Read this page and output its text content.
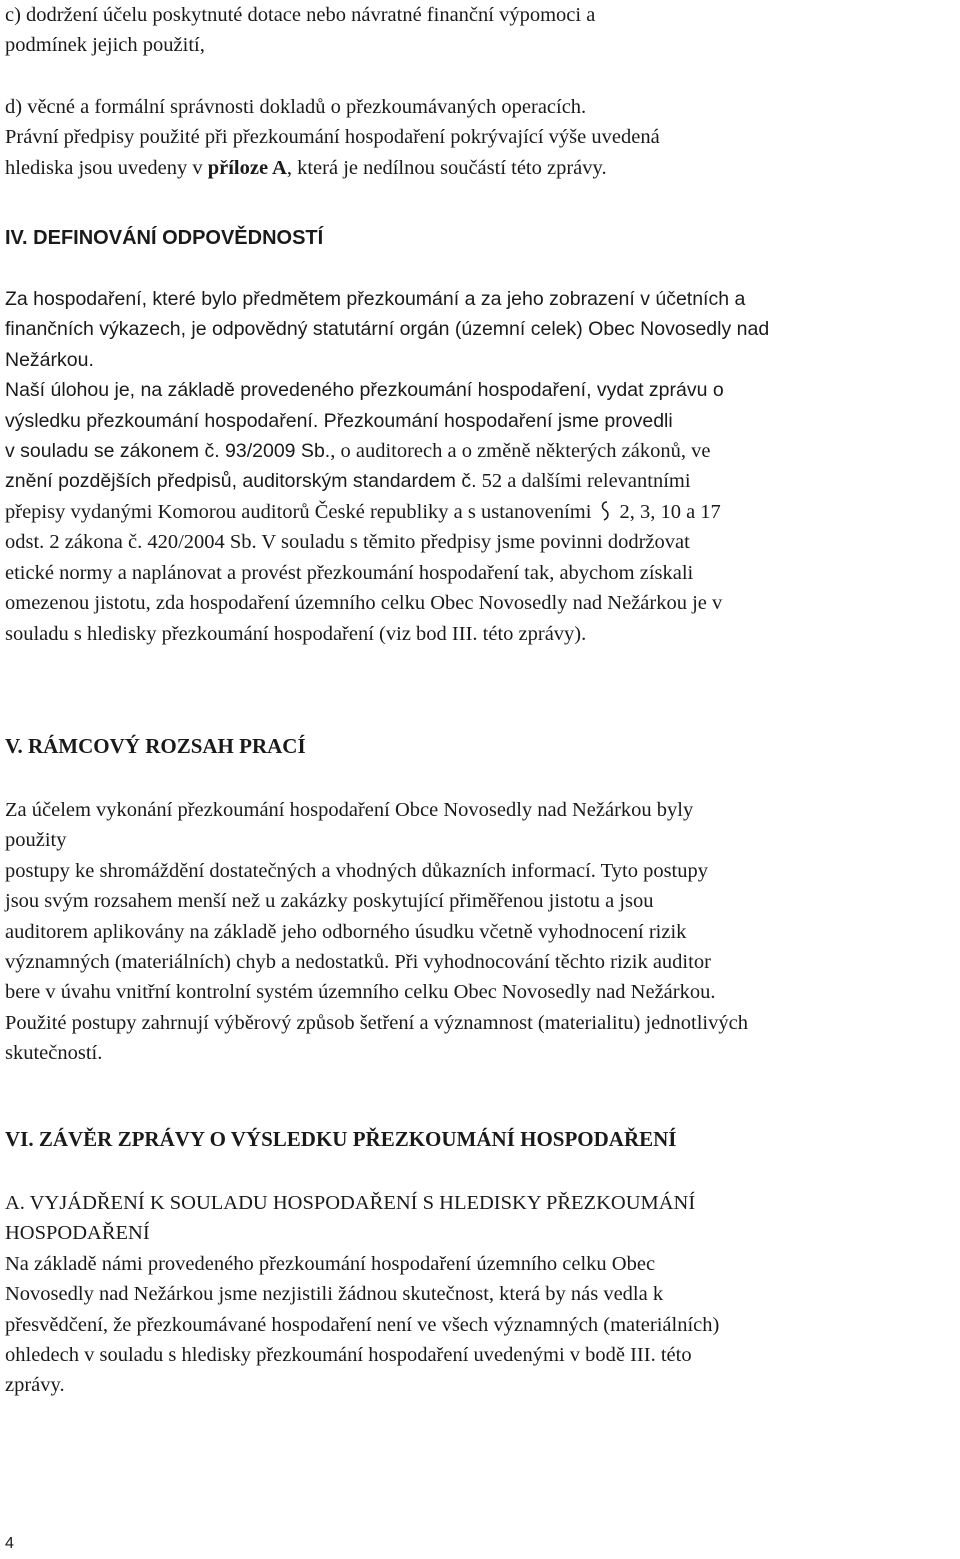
c) dodržení účelu poskytnuté dotace nebo návratné finanční výpomoci a
podmínek jejich použití,
d) věcné a formální správnosti dokladů o přezkoumávaných operacích.
Právní předpisy použité při přezkoumání hospodaření pokrývající výše uvedená
hlediska jsou uvedeny v příloze A, která je nedílnou součástí této zprávy.
IV. DEFINOVÁNÍ ODPOVĚDNOSTÍ
Za hospodaření, které bylo předmětem přezkoumání a za jeho zobrazení v účetních a
finančních výkazech, je odpovědný statutární orgán (územní celek) Obec Novosedly nad
Nežárkou.
Naší úlohou je, na základě provedeného přezkoumání hospodaření, vydat zprávu o
výsledku přezkoumání hospodaření. Přezkoumání hospodaření jsme provedli
v souladu se zákonem č. 93/2009 Sb., o auditorech a o změně některých zákonů, ve
znění pozdějších předpisů, auditorským standardem č. 52 a dalšími relevantními
přepisy vydanými Komorou auditorů České republiky a s ustanoveními 2, 3, 10 a 17
odst. 2 zákona č. 420/2004 Sb. V souladu s těmito předpisy jsme povinni dodržovat
etické normy a naplánovat a provést přezkoumání hospodaření tak, abychom získali
omezenou jistotu, zda hospodaření územního celku Obec Novosedly nad Nežárkou je v
souladu s hledisky přezkoumání hospodaření (viz bod III. této zprávy).
V. RÁMCOVÝ ROZSAH PRACÍ
Za účelem vykonání přezkoumání hospodaření Obce Novosedly nad Nežárkou byly
použity
postupy ke shromáždění dostatečných a vhodných důkazních informací. Tyto postupy
jsou svým rozsahem menší než u zakázky poskytující přiměřenou jistotu a jsou
auditorem aplikovány na základě jeho odborného úsudku včetně vyhodnocení rizik
významných (materiálních) chyb a nedostatků. Při vyhodnocování těchto rizik auditor
bere v úvahu vnitřní kontrolní systém územního celku Obec Novosedly nad Nežárkou.
Použité postupy zahrnují výběrový způsob šetření a významnost (materialitu) jednotlivých
skutečností.
VI. ZÁVĚR ZPRÁVY O VÝSLEDKU PŘEZKOUMÁNÍ HOSPODAŘENÍ
A. VYJÁDŘENÍ K SOULADU HOSPODAŘENÍ S HLEDISKY PŘEZKOUMÁNÍ
HOSPODAŘENÍ
Na základě námi provedeného přezkoumání hospodaření územního celku Obec
Novosedly nad Nežárkou jsme nezjistili žádnou skutečnost, která by nás vedla k
přesvědčení, že přezkoumávané hospodaření není ve všech významných (materiálních)
ohledech v souladu s hledisky přezkoumání hospodaření uvedenými v bodě III. této
zprávy.

4
